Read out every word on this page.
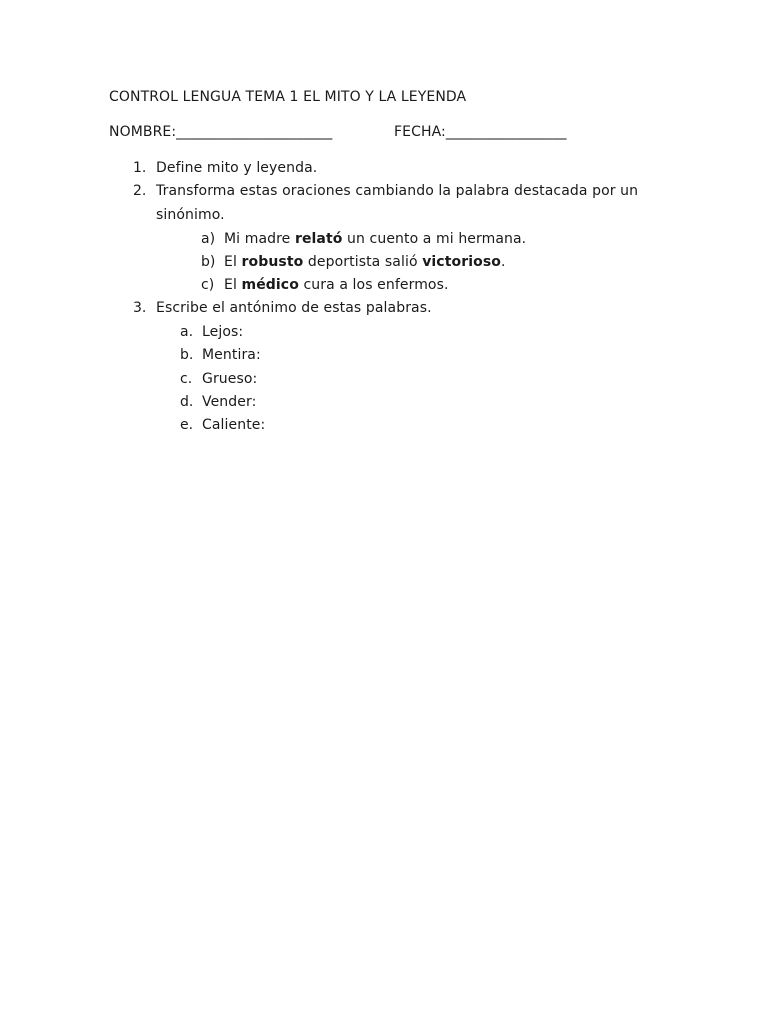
CONTROL LENGUA TEMA 1 EL MITO Y LA LEYENDA
NOMBRE:______________________	FECHA:_________________
1. Define mito y leyenda.
2. Transforma estas oraciones cambiando la palabra destacada por un
sinónimo.
a) Mi madre relató un cuento a mi hermana.
b) El robusto deportista salió victorioso.
c) El médico cura a los enfermos.
3. Escribe el antónimo de estas palabras.
a. Lejos:
b. Mentira:
c. Grueso:
d. Vender:
e. Caliente:
